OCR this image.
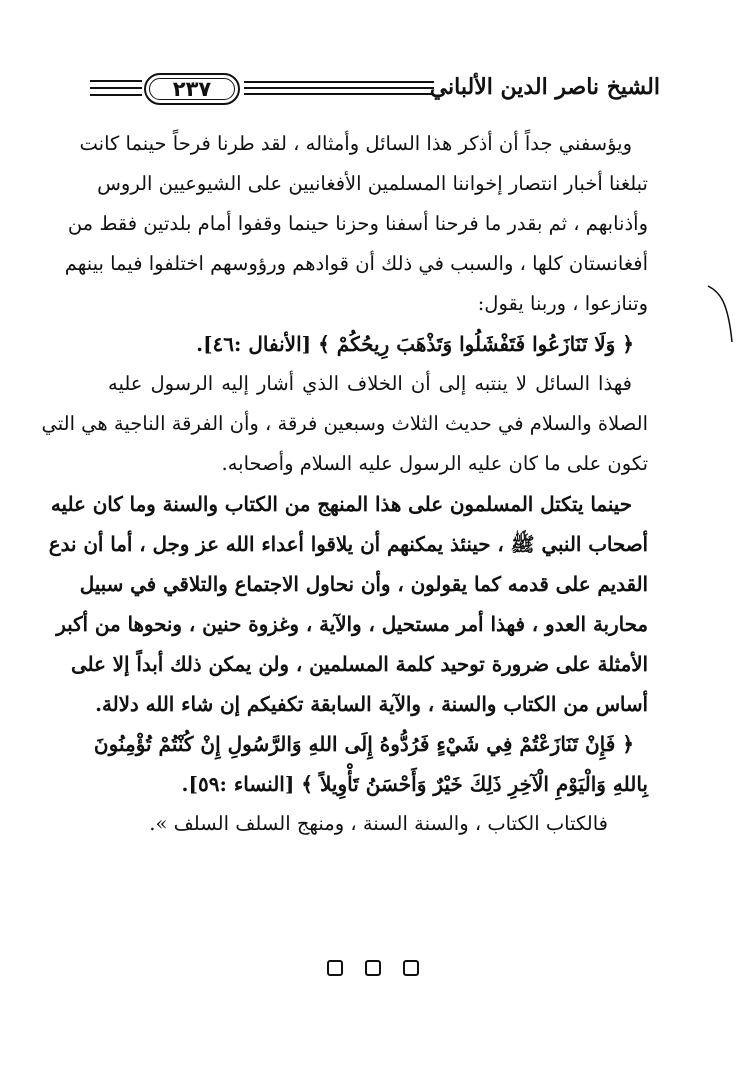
٢٣٧	الشيخ ناصر الدين الألباني
ويؤسفني جداً أن أذكر هذا السائل وأمثاله ، لقد طرنا فرحاً حينما كانت
تبلغنا أخبار انتصار إخواننا المسلمين الأفغانيين على الشيوعيين الروس
وأذنابهم ، ثم بقدر ما فرحنا أسفنا وحزنا حينما وقفوا أمام بلدتين فقط من
أفغانستان كلها ، والسبب في ذلك أن قوادهم ورؤوسهم اختلفوا فيما بينهم
وتنازعوا ، وربنا يقول:
﴿ وَلَا تَنَازَعُوا فَتَفْشَلُوا وَتَذْهَبَ رِيحُكُمْ ﴾ [الأنفال :٤٦].
فهذا السائل لا ينتبه إلى أن الخلاف الذي أشار إليه الرسول عليه
الصلاة والسلام في حديث الثلاث وسبعين فرقة ، وأن الفرقة الناجية هي التي
تكون على ما كان عليه الرسول عليه السلام وأصحابه.
حينما يتكتل المسلمون على هذا المنهج من الكتاب والسنة وما كان عليه
أصحاب النبي ﷺ ، حينئذ يمكنهم أن يلاقوا أعداء الله عز وجل ، أما أن ندع
القديم على قدمه كما يقولون ، وأن نحاول الاجتماع والتلاقي في سبيل
محاربة العدو ، فهذا أمر مستحيل ، والآية ، وغزوة حنين ، ونحوها من أكبر
الأمثلة على ضرورة توحيد كلمة المسلمين ، ولن يمكن ذلك أبداً إلا على
أساس من الكتاب والسنة ، والآية السابقة تكفيكم إن شاء الله دلالة.
﴿ فَإِنْ تَنَازَعْتُمْ فِي شَيْءٍ فَرُدُّوهُ إِلَى اللهِ وَالرَّسُولِ إِنْ كُنْتُمْ تُؤْمِنُونَ
بِاللهِ وَالْيَوْمِ الْآخِرِ ذَلِكَ خَيْرٌ وَأَحْسَنُ تَأْوِيلاً ﴾ [النساء :٥٩].
فالكتاب الكتاب ، والسنة السنة ، ومنهج السلف السلف ».
